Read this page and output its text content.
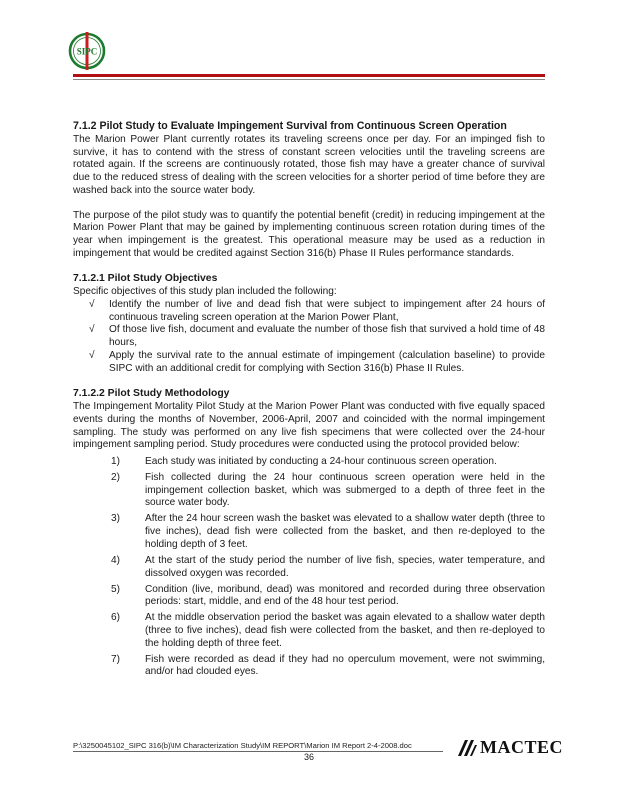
SIPC
7.1.2 Pilot Study to Evaluate Impingement Survival from Continuous Screen Operation

The Marion Power Plant currently rotates its traveling screens once per day. For an impinged fish to survive, it has to contend with the stress of constant screen velocities until the traveling screens are rotated again. If the screens are continuously rotated, those fish may have a greater chance of survival due to the reduced stress of dealing with the screen velocities for a shorter period of time before they are washed back into the source water body.

The purpose of the pilot study was to quantify the potential benefit (credit) in reducing impingement at the Marion Power Plant that may be gained by implementing continuous screen rotation during times of the year when impingement is the greatest. This operational measure may be used as a reduction in impingement that would be credited against Section 316(b) Phase II Rules performance standards.

7.1.2.1 Pilot Study Objectives

Specific objectives of this study plan included the following:

√ Identify the number of live and dead fish that were subject to impingement after 24 hours of continuous traveling screen operation at the Marion Power Plant,
√ Of those live fish, document and evaluate the number of those fish that survived a hold time of 48 hours,
√ Apply the survival rate to the annual estimate of impingement (calculation baseline) to provide SIPC with an additional credit for complying with Section 316(b) Phase II Rules.
7.1.2.2 Pilot Study Methodology

The Impingement Mortality Pilot Study at the Marion Power Plant was conducted with five equally spaced events during the months of November, 2006-April, 2007 and coincided with the normal impingement sampling. The study was performed on any live fish specimens that were collected over the 24-hour impingement sampling period. Study procedures were conducted using the protocol provided below:

1) Each study was initiated by conducting a 24-hour continuous screen operation.
2) Fish collected during the 24 hour continuous screen operation were held in the impingement collection basket, which was submerged to a depth of three feet in the source water body.
3) After the 24 hour screen wash the basket was elevated to a shallow water depth (three to five inches), dead fish were collected from the basket, and then re-deployed to the holding depth of 3 feet.
4) At the start of the study period the number of live fish, species, water temperature, and dissolved oxygen was recorded.
5) Condition (live, moribund, dead) was monitored and recorded during three observation periods: start, middle, and end of the 48 hour test period.
6) At the middle observation period the basket was again elevated to a shallow water depth (three to five inches), dead fish were collected from the basket, and then re-deployed to the holding depth of three feet.
7) Fish were recorded as dead if they had no operculum movement, were not swimming, and/or had clouded eyes.
P:\3250045102_SIPC 316(b)\IM Characterization Study\IM REPORT\Marion IM Report 2-4-2008.doc
36	MACTEC
